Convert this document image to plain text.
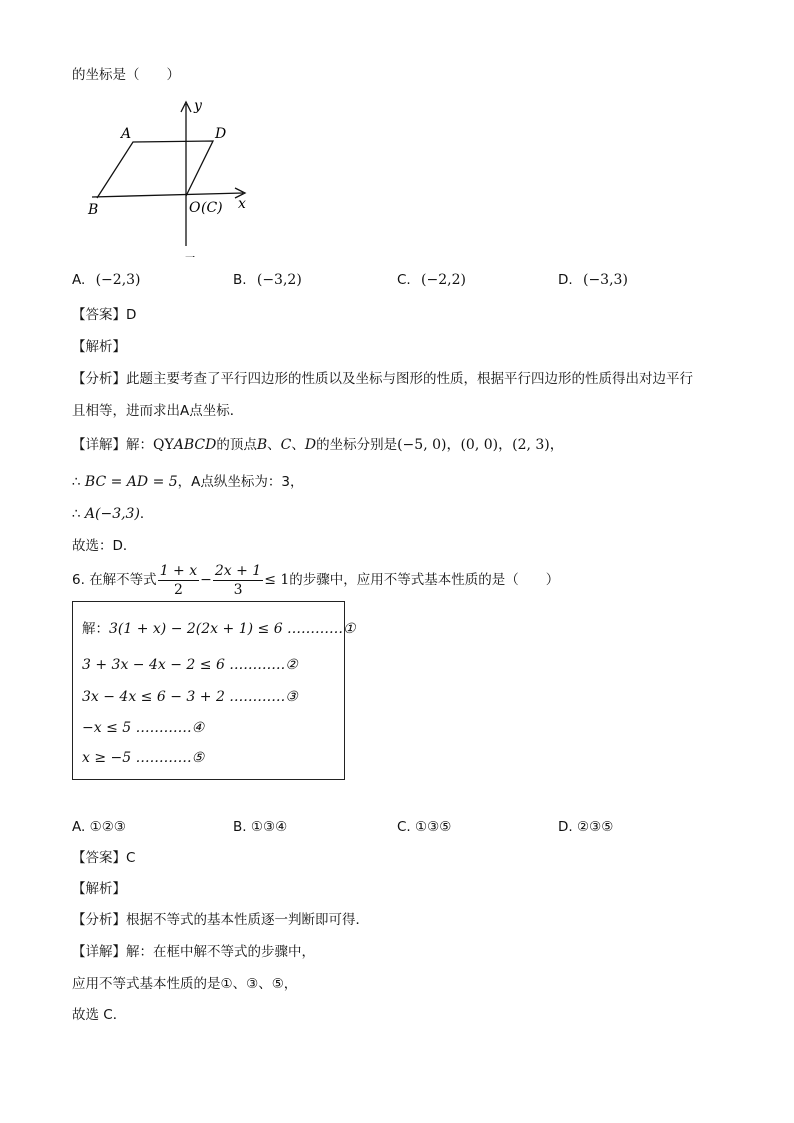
的坐标是（　　）
A	D
B	O (C) x
y
一
A. (−2,3)	B. (−3,2)	C. (−2,2)	D. (−3,3)
【答案】D
【解析】
【分析】此题主要考查了平行四边形的性质以及坐标与图形的性质，根据平行四边形的性质得出对边平行
且相等，进而求出A点坐标．
【详解】解：QYABCD的顶点B、C、D的坐标分别是(−5, 0)，(0, 0)，(2, 3)，
∴ BC = AD = 5，A点纵坐标为：3，
∴ A(−3,3)．
故选：D．
6. 在解不等式 $\frac{1 + x}{2} - \frac{2x + 1}{3} \le 1$的步骤中，应用不等式基本性质的是（　　）
解：3(1 + x) − 2(2x + 1) ≤ 6 …………①
3 + 3x − 4x − 2 ≤ 6 …………②
3x − 4x ≤ 6 − 3 + 2 …………③
−x ≤ 5 …………④
x ≥ −5 …………⑤
A. ①②③	B. ①③④	C. ①③⑤	D. ②③⑤
【答案】C
【解析】
【分析】根据不等式的基本性质逐一判断即可得．
【详解】解：在框中解不等式的步骤中，
应用不等式基本性质的是①、③、⑤，
故选 C．
